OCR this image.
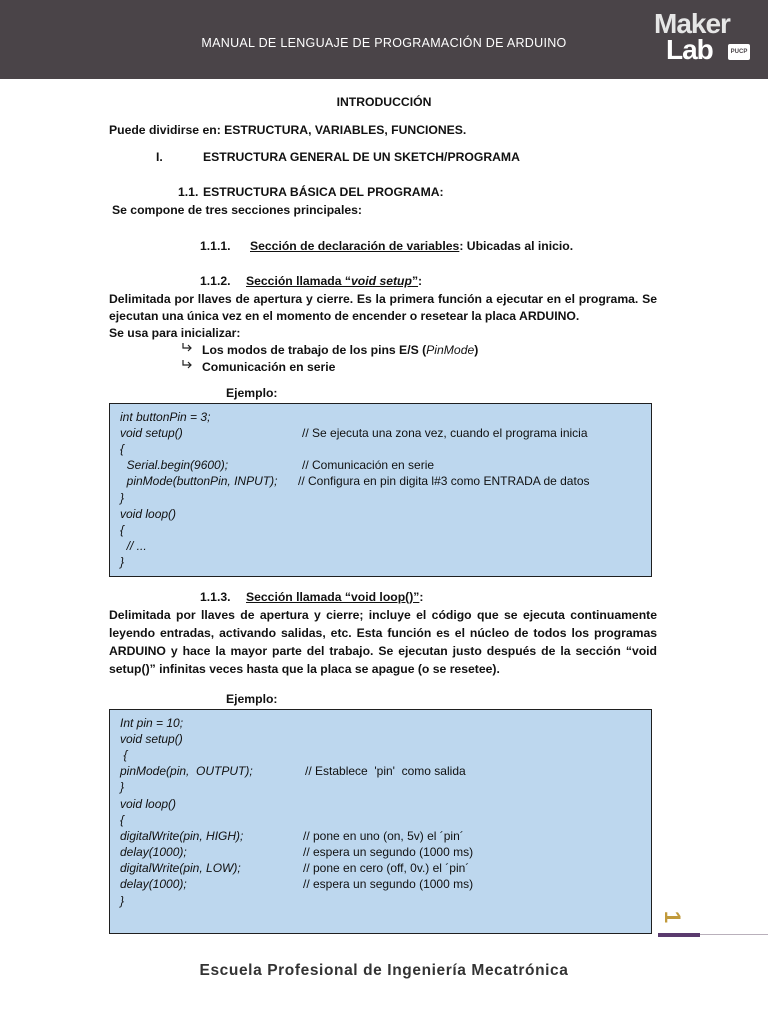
MANUAL DE LENGUAJE DE PROGRAMACIÓN DE ARDUINO
Maker
Lab	PUCP
INTRODUCCIÓN
Puede dividirse en: ESTRUCTURA, VARIABLES, FUNCIONES.
I.	ESTRUCTURA GENERAL DE UN SKETCH/PROGRAMA
1.1. ESTRUCTURA BÁSICA DEL PROGRAMA:
Se compone de tres secciones principales:
1.1.1. Sección de declaración de variables: Ubicadas al inicio.
1.1.2. Sección llamada “void setup”:
Delimitada por llaves de apertura y cierre. Es la primera función a ejecutar en el programa. Se
ejecutan una única vez en el momento de encender o resetear la placa ARDUINO.
Se usa para inicializar:
Los modos de trabajo de los pins E/S (PinMode)
Comunicación en serie
Ejemplo:
int buttonPin = 3;
void setup()
{
Serial.begin(9600);
pinMode(buttonPin, INPUT);
}
void loop()
{
// ...
}
// Se ejecuta una zona vez, cuando el programa inicia
// Comunicación en serie
// Configura en pin digita l#3 como ENTRADA de datos
1.1.3. Sección llamada “void loop()”:
Delimitada por llaves de apertura y cierre; incluye el código que se ejecuta continuamente
leyendo entradas, activando salidas, etc. Esta función es el núcleo de todos los programas
ARDUINO y hace la mayor parte del trabajo. Se ejecutan justo después de la sección “void
setup()” infinitas veces hasta que la placa se apague (o se resetee).
Ejemplo:
Int pin = 10;
void setup()
{
pinMode(pin,  OUTPUT);
}
void loop()
{
digitalWrite(pin, HIGH);
delay(1000);
digitalWrite(pin, LOW);
delay(1000);
}
// Establece  'pin'  como salida
// pone en uno (on, 5v) el ´pin´
// espera un segundo (1000 ms)
// pone en cero (off, 0v.) el ´pin´
// espera un segundo (1000 ms)
1
Escuela Profesional de Ingeniería Mecatrónica
